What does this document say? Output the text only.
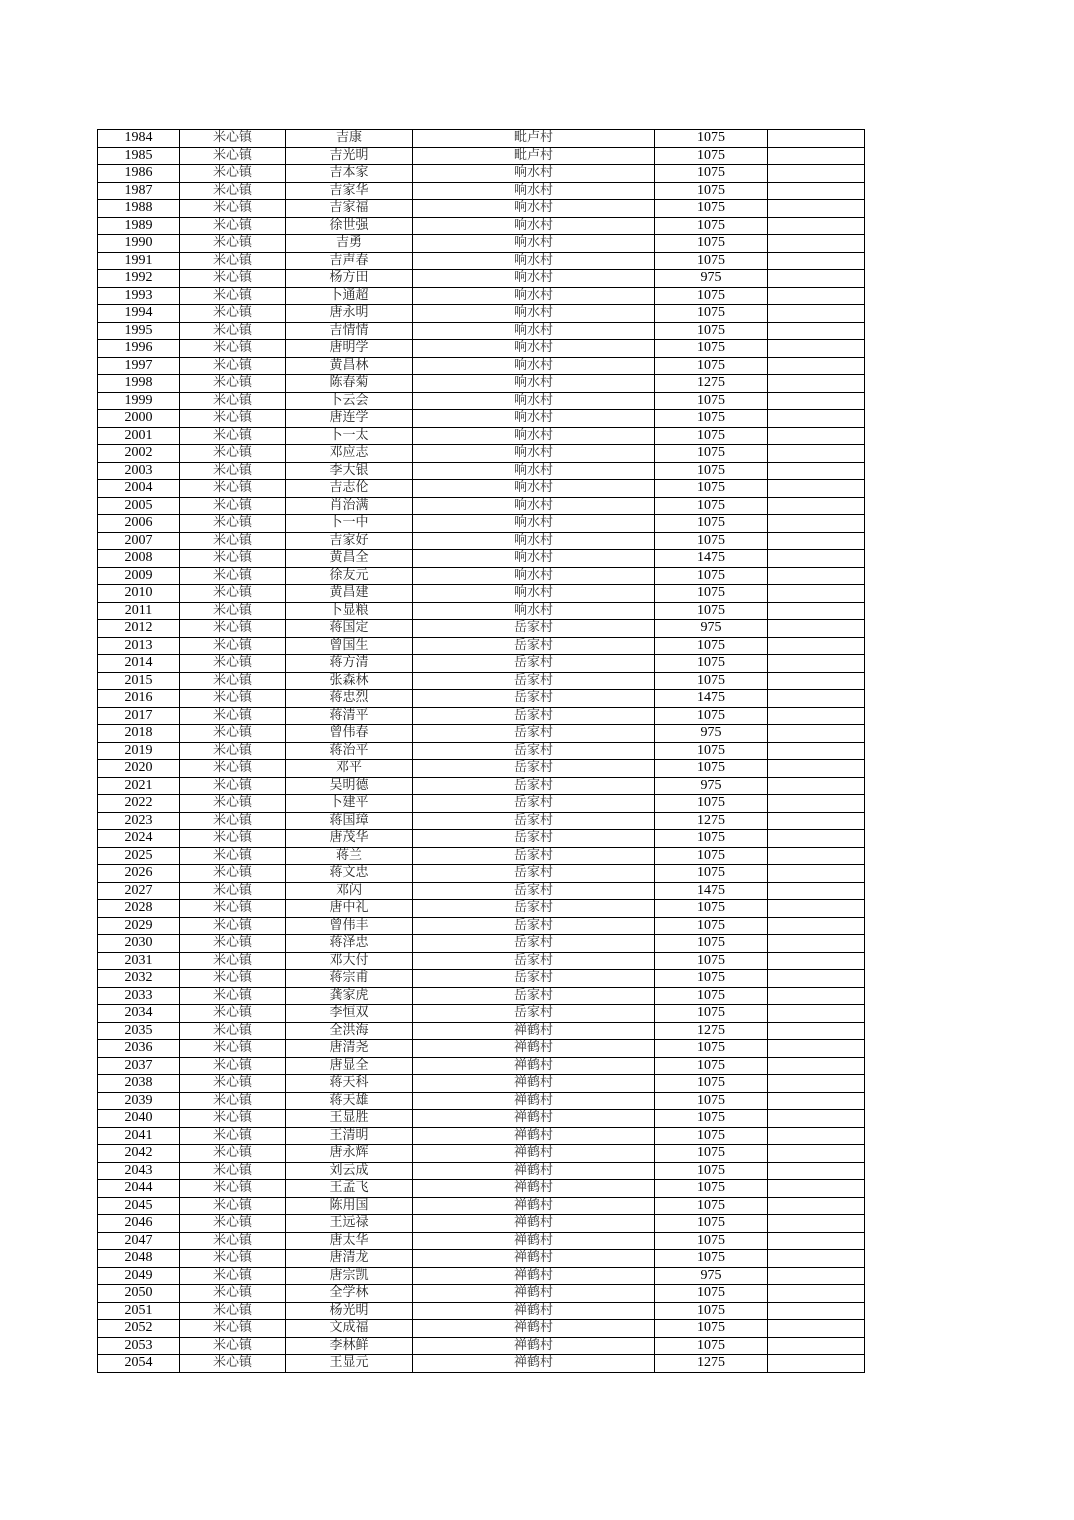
1984	米心镇	吉康	毗卢村	1075	
1985	米心镇	吉光明	毗卢村	1075	
1986	米心镇	吉本家	响水村	1075	
1987	米心镇	吉家华	响水村	1075	
1988	米心镇	吉家福	响水村	1075	
1989	米心镇	徐世强	响水村	1075	
1990	米心镇	吉勇	响水村	1075	
1991	米心镇	吉声春	响水村	1075	
1992	米心镇	杨方田	响水村	975	
1993	米心镇	卜通超	响水村	1075	
1994	米心镇	唐永明	响水村	1075	
1995	米心镇	吉情情	响水村	1075	
1996	米心镇	唐明学	响水村	1075	
1997	米心镇	黄昌林	响水村	1075	
1998	米心镇	陈春菊	响水村	1275	
1999	米心镇	卜云会	响水村	1075	
2000	米心镇	唐连学	响水村	1075	
2001	米心镇	卜一太	响水村	1075	
2002	米心镇	邓应志	响水村	1075	
2003	米心镇	李大银	响水村	1075	
2004	米心镇	吉志伦	响水村	1075	
2005	米心镇	肖治满	响水村	1075	
2006	米心镇	卜一中	响水村	1075	
2007	米心镇	吉家好	响水村	1075	
2008	米心镇	黄昌全	响水村	1475	
2009	米心镇	徐友元	响水村	1075	
2010	米心镇	黄昌建	响水村	1075	
2011	米心镇	卜显粮	响水村	1075	
2012	米心镇	蒋国定	岳家村	975	
2013	米心镇	曾国生	岳家村	1075	
2014	米心镇	蒋方清	岳家村	1075	
2015	米心镇	张森林	岳家村	1075	
2016	米心镇	蒋忠烈	岳家村	1475	
2017	米心镇	蒋清平	岳家村	1075	
2018	米心镇	曾伟春	岳家村	975	
2019	米心镇	蒋治平	岳家村	1075	
2020	米心镇	邓平	岳家村	1075	
2021	米心镇	吴明德	岳家村	975	
2022	米心镇	卜建平	岳家村	1075	
2023	米心镇	蒋国璋	岳家村	1275	
2024	米心镇	唐茂华	岳家村	1075	
2025	米心镇	蒋兰	岳家村	1075	
2026	米心镇	蒋文忠	岳家村	1075	
2027	米心镇	邓闪	岳家村	1475	
2028	米心镇	唐中礼	岳家村	1075	
2029	米心镇	曾伟丰	岳家村	1075	
2030	米心镇	蒋泽忠	岳家村	1075	
2031	米心镇	邓大付	岳家村	1075	
2032	米心镇	蒋宗甫	岳家村	1075	
2033	米心镇	龚家虎	岳家村	1075	
2034	米心镇	李恒双	岳家村	1075	
2035	米心镇	全洪海	禅鹤村	1275	
2036	米心镇	唐清尧	禅鹤村	1075	
2037	米心镇	唐显全	禅鹤村	1075	
2038	米心镇	蒋天科	禅鹤村	1075	
2039	米心镇	蒋天雄	禅鹤村	1075	
2040	米心镇	王显胜	禅鹤村	1075	
2041	米心镇	王清明	禅鹤村	1075	
2042	米心镇	唐永辉	禅鹤村	1075	
2043	米心镇	刘云成	禅鹤村	1075	
2044	米心镇	王孟飞	禅鹤村	1075	
2045	米心镇	陈用国	禅鹤村	1075	
2046	米心镇	王远禄	禅鹤村	1075	
2047	米心镇	唐太华	禅鹤村	1075	
2048	米心镇	唐清龙	禅鹤村	1075	
2049	米心镇	唐宗凯	禅鹤村	975	
2050	米心镇	全学林	禅鹤村	1075	
2051	米心镇	杨光明	禅鹤村	1075	
2052	米心镇	文成福	禅鹤村	1075	
2053	米心镇	李林鲜	禅鹤村	1075	
2054	米心镇	王显元	禅鹤村	1275	
